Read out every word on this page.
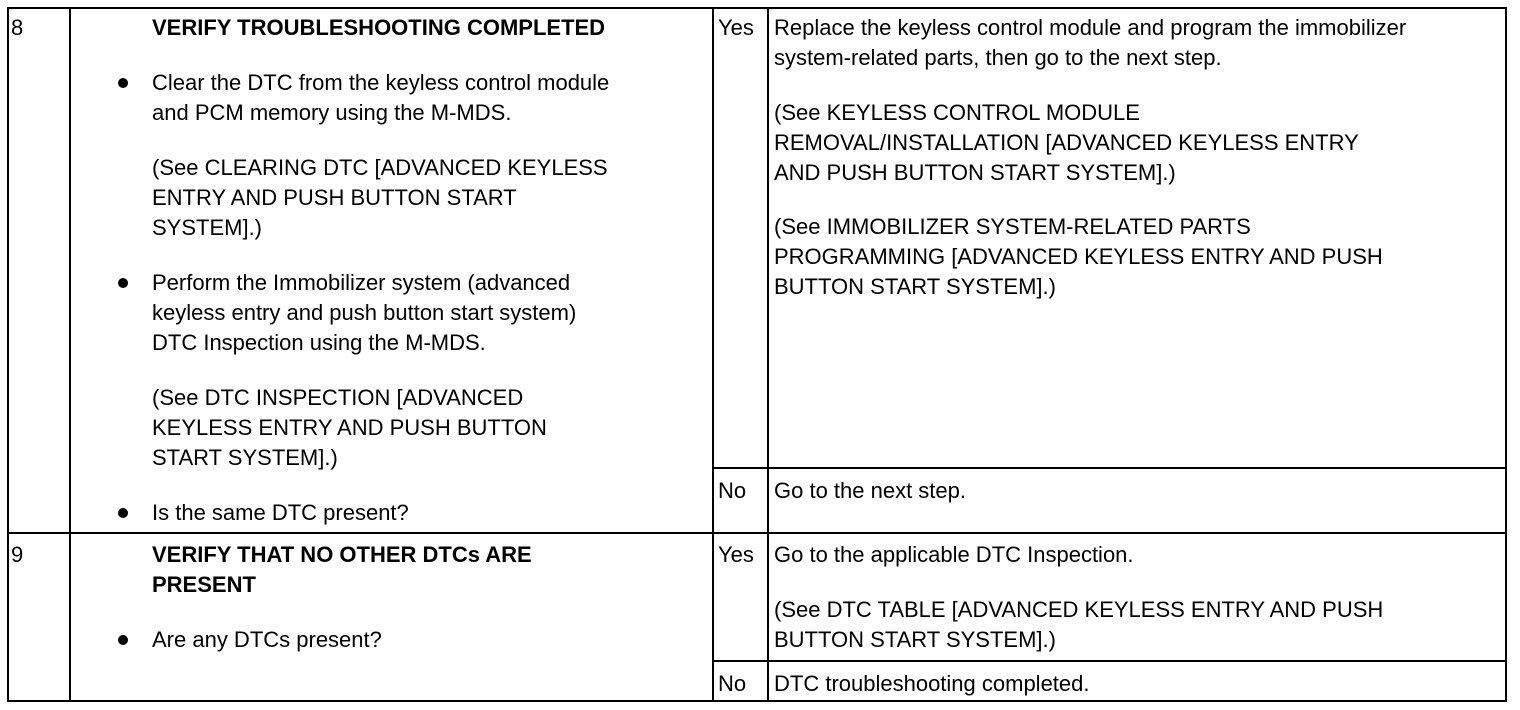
8	VERIFY TROUBLESHOOTING COMPLETED
Clear the DTC from the keyless control module
and PCM memory using the M-MDS.
(See CLEARING DTC [ADVANCED KEYLESS
ENTRY AND PUSH BUTTON START
SYSTEM].)
Perform the Immobilizer system (advanced
keyless entry and push button start system)
DTC Inspection using the M-MDS.
(See DTC INSPECTION [ADVANCED
KEYLESS ENTRY AND PUSH BUTTON
START SYSTEM].)
Is the same DTC present?
Yes Replace the keyless control module and program the immobilizer
system-related parts, then go to the next step.
(See KEYLESS CONTROL MODULE
REMOVAL/INSTALLATION [ADVANCED KEYLESS ENTRY
AND PUSH BUTTON START SYSTEM].)
(See IMMOBILIZER SYSTEM-RELATED PARTS
PROGRAMMING [ADVANCED KEYLESS ENTRY AND PUSH
BUTTON START SYSTEM].)
No Go to the next step.
9	VERIFY THAT NO OTHER DTCs ARE
PRESENT
Are any DTCs present?
Yes Go to the applicable DTC Inspection.
(See DTC TABLE [ADVANCED KEYLESS ENTRY AND PUSH
BUTTON START SYSTEM].)
No DTC troubleshooting completed.
